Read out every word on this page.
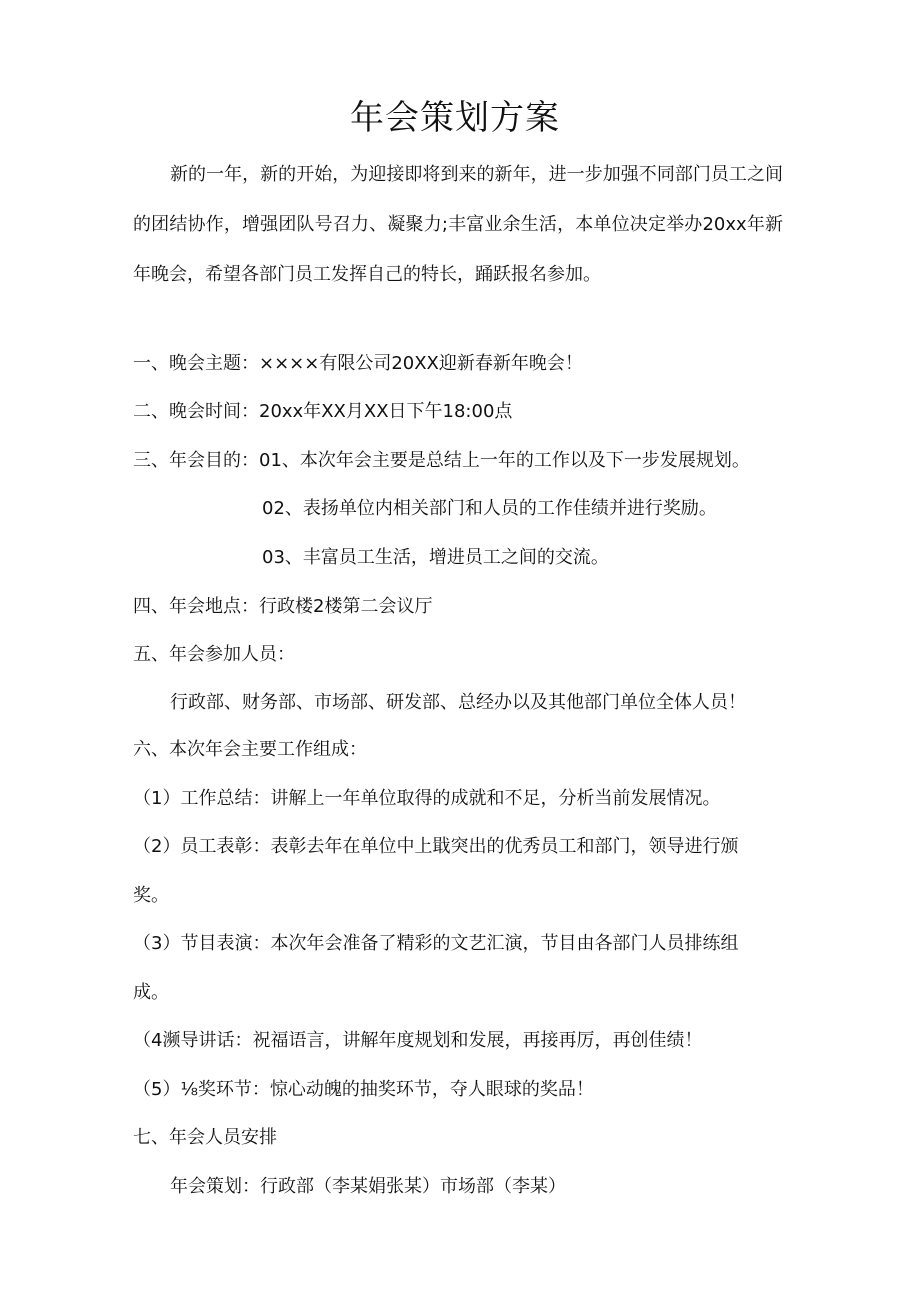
年会策划方案
新的一年，新的开始，为迎接即将到来的新年，进一步加强不同部门员工之间的团结协作，增强团队号召力、凝聚力;丰富业余生活，本单位决定举办20xx年新年晚会，希望各部门员工发挥自己的特长，踊跃报名参加。
一、晚会主题：××××有限公司20XX迎新春新年晚会！
二、晚会时间：20xx年XX月XX日下午18:00点
三、年会目的：01、本次年会主要是总结上一年的工作以及下一步发展规划。
02、表扬单位内相关部门和人员的工作佳绩并进行奖励。
03、丰富员工生活，增进员工之间的交流。
四、年会地点：行政楼2楼第二会议厅
五、年会参加人员：
行政部、财务部、市场部、研发部、总经办以及其他部门单位全体人员！
六、本次年会主要工作组成：
（1）工作总结：讲解上一年单位取得的成就和不足，分析当前发展情况。
（2）员工表彰：表彰去年在单位中上戢突出的优秀员工和部门，领导进行颁奖。
（3）节目表演：本次年会准备了精彩的文艺汇演，节目由各部门人员排练组成。
（4濒导讲话：祝福语言，讲解年度规划和发展，再接再厉，再创佳绩！
（5）⅛奖环节：惊心动魄的抽奖环节，夺人眼球的奖品！
七、年会人员安排
年会策划：行政部（李某娟张某）市场部（李某）
